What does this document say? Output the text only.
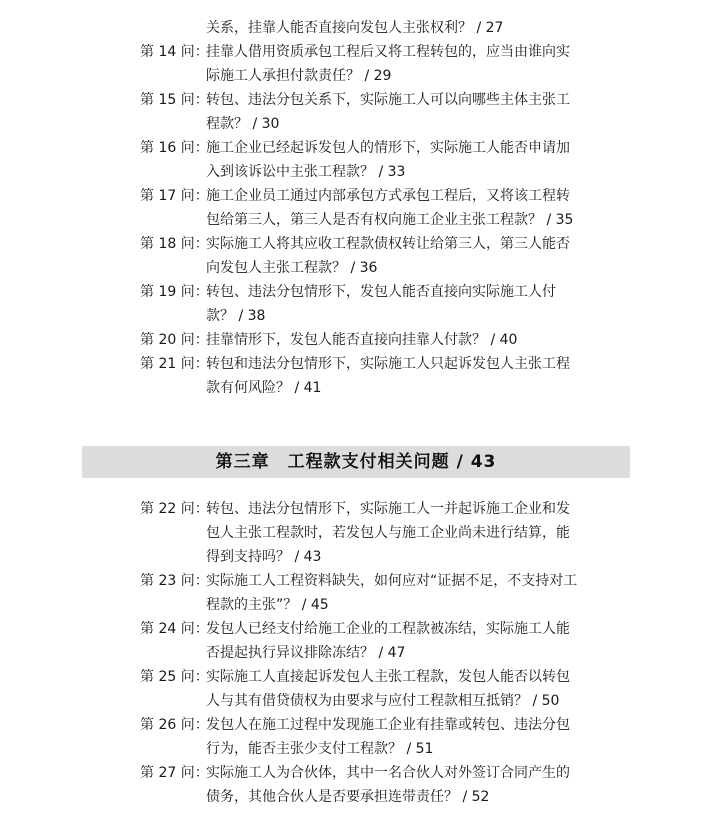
关系，挂靠人能否直接向发包人主张权利？ / 27
第 14 问：
挂靠人借用资质承包工程后又将工程转包的，应当由谁向实际施工人承担付款责任？ / 29
第 15 问：
转包、违法分包关系下，实际施工人可以向哪些主体主张工程款？ / 30
第 16 问：
施工企业已经起诉发包人的情形下，实际施工人能否申请加入到该诉讼中主张工程款？ / 33
第 17 问：
施工企业员工通过内部承包方式承包工程后，又将该工程转包给第三人，第三人是否有权向施工企业主张工程款？ / 35
第 18 问：
实际施工人将其应收工程款债权转让给第三人，第三人能否向发包人主张工程款？ / 36
第 19 问：
转包、违法分包情形下，发包人能否直接向实际施工人付款？ / 38
第 20 问：
挂靠情形下，发包人能否直接向挂靠人付款？ / 40
第 21 问：
转包和违法分包情形下，实际施工人只起诉发包人主张工程款有何风险？ / 41
第三章 工程款支付相关问题 / 43
第 22 问：
转包、违法分包情形下，实际施工人一并起诉施工企业和发包人主张工程款时，若发包人与施工企业尚未进行结算，能得到支持吗？ / 43
第 23 问：
实际施工人工程资料缺失，如何应对“证据不足，不支持对工程款的主张”？ / 45
第 24 问：
发包人已经支付给施工企业的工程款被冻结，实际施工人能否提起执行异议排除冻结？ / 47
第 25 问：
实际施工人直接起诉发包人主张工程款，发包人能否以转包人与其有借贷债权为由要求与应付工程款相互抵销？ / 50
第 26 问：
发包人在施工过程中发现施工企业有挂靠或转包、违法分包行为，能否主张少支付工程款？ / 51
第 27 问：
实际施工人为合伙体，其中一名合伙人对外签订合同产生的债务，其他合伙人是否要承担连带责任？ / 52
